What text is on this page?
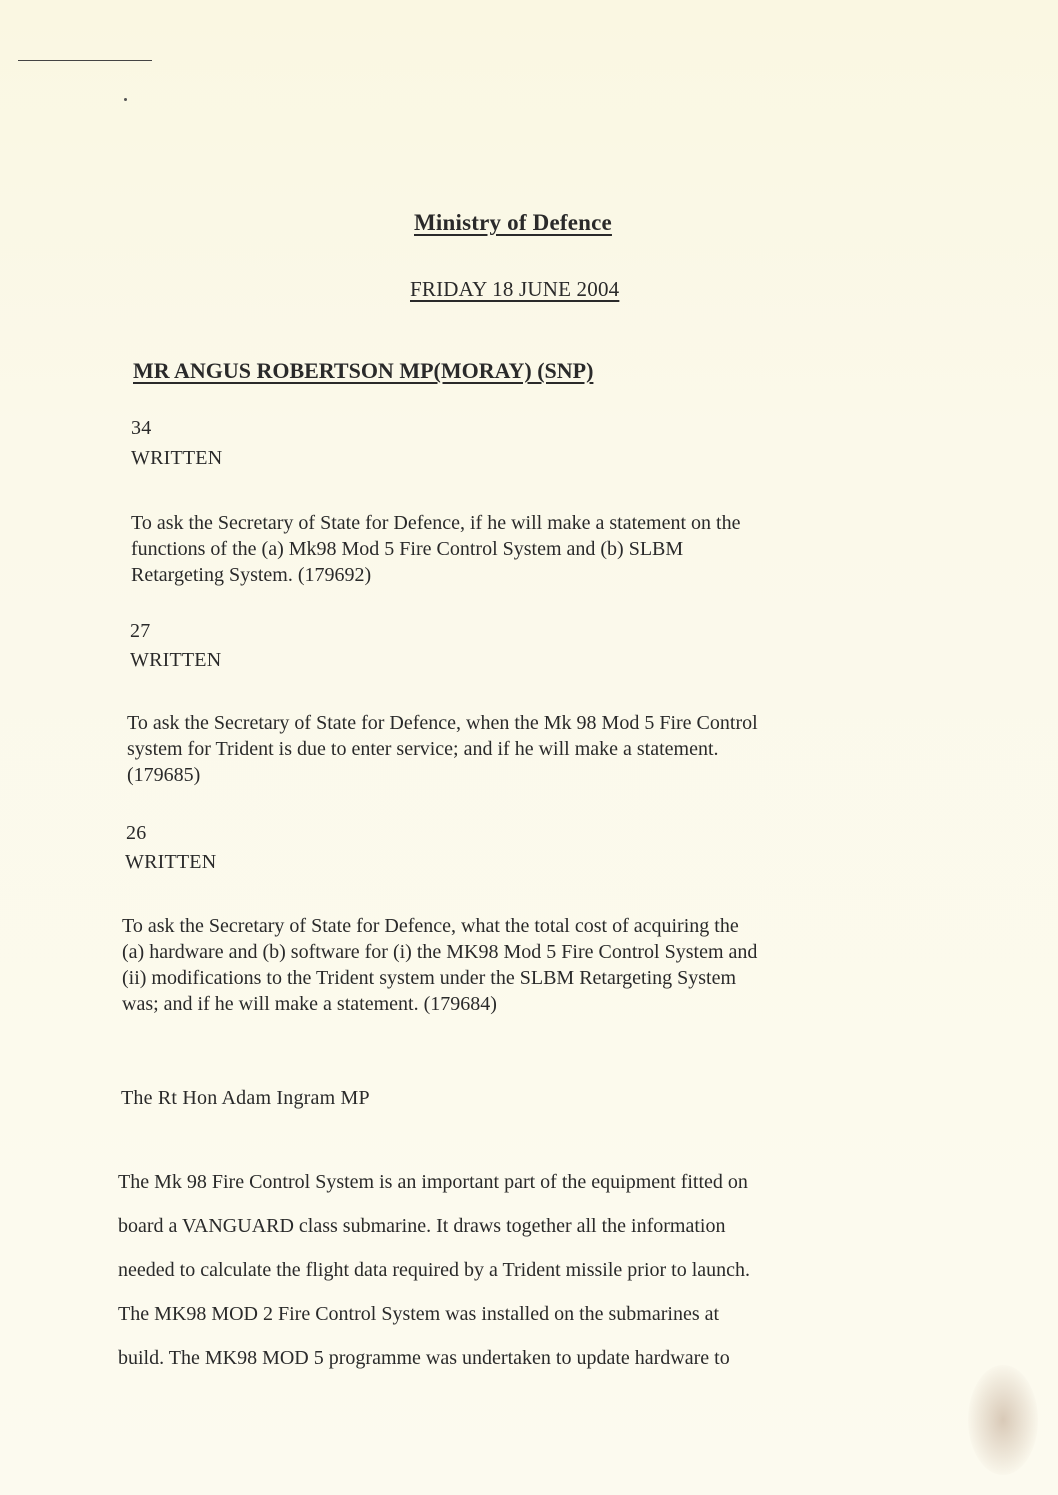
Ministry of Defence
FRIDAY 18 JUNE 2004
MR ANGUS ROBERTSON MP(MORAY) (SNP)
34
WRITTEN
To ask the Secretary of State for Defence, if he will make a statement on the
functions of the (a) Mk98 Mod 5 Fire Control System and (b) SLBM
Retargeting System. (179692)
27
WRITTEN
To ask the Secretary of State for Defence, when the Mk 98 Mod 5 Fire Control
system for Trident is due to enter service; and if he will make a statement.
(179685)
26
WRITTEN
To ask the Secretary of State for Defence, what the total cost of acquiring the
(a) hardware and (b) software for (i) the MK98 Mod 5 Fire Control System and
(ii) modifications to the Trident system under the SLBM Retargeting System
was; and if he will make a statement. (179684)
The Rt Hon Adam Ingram MP
The Mk 98 Fire Control System is an important part of the equipment fitted on
board a VANGUARD class submarine. It draws together all the information
needed to calculate the flight data required by a Trident missile prior to launch.
The MK98 MOD 2 Fire Control System was installed on the submarines at
build. The MK98 MOD 5 programme was undertaken to update hardware to
